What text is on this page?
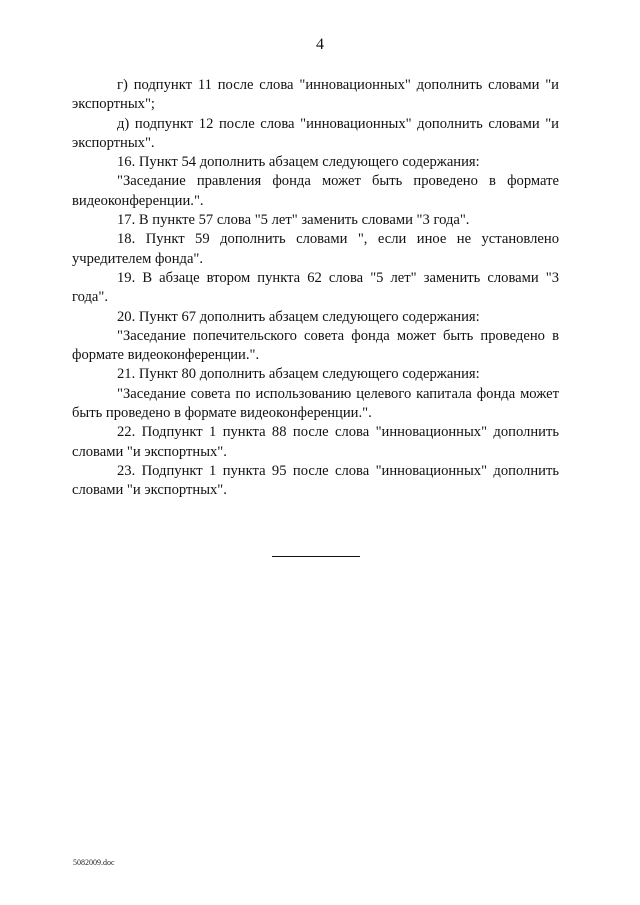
4

г) подпункт 11 после слова "инновационных" дополнить словами "и экспортных";

д) подпункт 12 после слова "инновационных" дополнить словами "и экспортных".

16. Пункт 54 дополнить абзацем следующего содержания:

"Заседание правления фонда может быть проведено в формате видеоконференции.".

17. В пункте 57 слова "5 лет" заменить словами "3 года".

18. Пункт 59 дополнить словами ", если иное не установлено учредителем фонда".

19. В абзаце втором пункта 62 слова "5 лет" заменить словами "3 года".

20. Пункт 67 дополнить абзацем следующего содержания:

"Заседание попечительского совета фонда может быть проведено в формате видеоконференции.".

21. Пункт 80 дополнить абзацем следующего содержания:

"Заседание совета по использованию целевого капитала фонда может быть проведено в формате видеоконференции.".

22. Подпункт 1 пункта 88 после слова "инновационных" дополнить словами "и экспортных".

23. Подпункт 1 пункта 95 после слова "инновационных" дополнить словами "и экспортных".

5082009.doc
